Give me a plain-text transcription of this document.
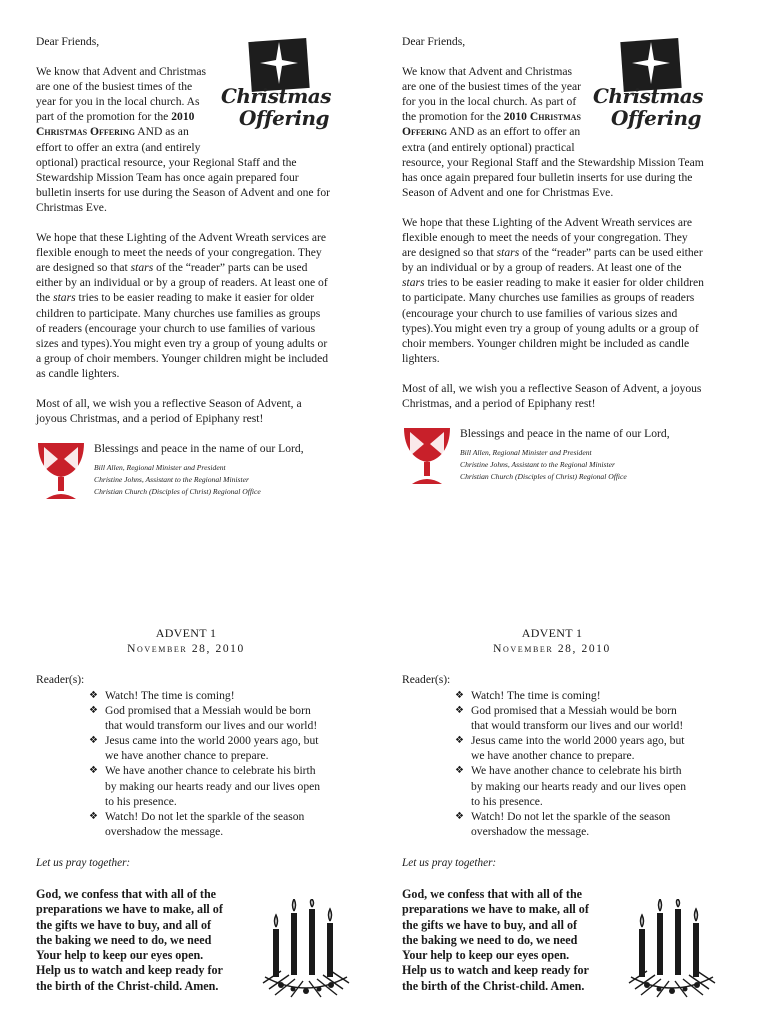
Dear Friends,

Christmas
Offering
We know that Advent and Christmas are one of the busiest times of the year for you in the local church. As part of the promotion for the 2010 Christmas Offering AND as an effort to offer an extra (and entirely optional) practical resource, your Regional Staff and the Stewardship Mission Team has once again prepared four bulletin inserts for use during the Season of Advent and one for Christmas Eve.

We hope that these Lighting of the Advent Wreath services are flexible enough to meet the needs of your congregation. They are designed so that stars of the “reader” parts can be used either by an individual or by a group of readers. At least one of the stars tries to be easier reading to make it easier for older children to participate. Many churches use families as groups of readers (encourage your church to use families of various sizes and types).You might even try a group of young adults or a group of choir members. Younger children might be included as candle lighters.

Most of all, we wish you a reflective Season of Advent, a joyous Christmas, and a period of Epiphany rest!

Blessings and peace in the name of our Lord,
Bill Allen, Regional Minister and President
Christine Johns, Assistant to the Regional Minister
Christian Church (Disciples of Christ) Regional Office

Dear Friends,

Christmas
Offering
We know that Advent and Christmas are one of the busiest times of the year for you in the local church. As part of the promotion for the 2010 Christmas Offering AND as an effort to offer an extra (and entirely optional) practical resource, your Regional Staff and the Stewardship Mission Team has once again prepared four bulletin inserts for use during the Season of Advent and one for Christmas Eve.

We hope that these Lighting of the Advent Wreath services are flexible enough to meet the needs of your congregation. They are designed so that stars of the “reader” parts can be used either by an individual or by a group of readers. At least one of the stars tries to be easier reading to make it easier for older children to participate. Many churches use families as groups of readers (encourage your church to use families of various sizes and types).You might even try a group of young adults or a group of choir members. Younger children might be included as candle lighters.

Most of all, we wish you a reflective Season of Advent, a joyous Christmas, and a period of Epiphany rest!

Blessings and peace in the name of our Lord,
Bill Allen, Regional Minister and President
Christine Johns, Assistant to the Regional Minister
Christian Church (Disciples of Christ) Regional Office
ADVENT 1
November 28, 2010
Reader(s):
❖ Watch! The time is coming!
❖ God promised that a Messiah would be born that would transform our lives and our world!
❖ Jesus came into the world 2000 years ago, but we have another chance to prepare.
❖ We have another chance to celebrate his birth by making our hearts ready and our lives open to his presence.
❖ Watch! Do not let the sparkle of the season overshadow the message.
Let us pray together:
God, we confess that with all of the preparations we have to make, all of the gifts we have to buy, and all of the baking we need to do, we need Your help to keep our eyes open. Help us to watch and keep ready for the birth of the Christ-child. Amen.
ADVENT 1
November 28, 2010
Reader(s):
❖ Watch! The time is coming!
❖ God promised that a Messiah would be born that would transform our lives and our world!
❖ Jesus came into the world 2000 years ago, but we have another chance to prepare.
❖ We have another chance to celebrate his birth by making our hearts ready and our lives open to his presence.
❖ Watch! Do not let the sparkle of the season overshadow the message.
Let us pray together:
God, we confess that with all of the preparations we have to make, all of the gifts we have to buy, and all of the baking we need to do, we need Your help to keep our eyes open. Help us to watch and keep ready for the birth of the Christ-child. Amen.
